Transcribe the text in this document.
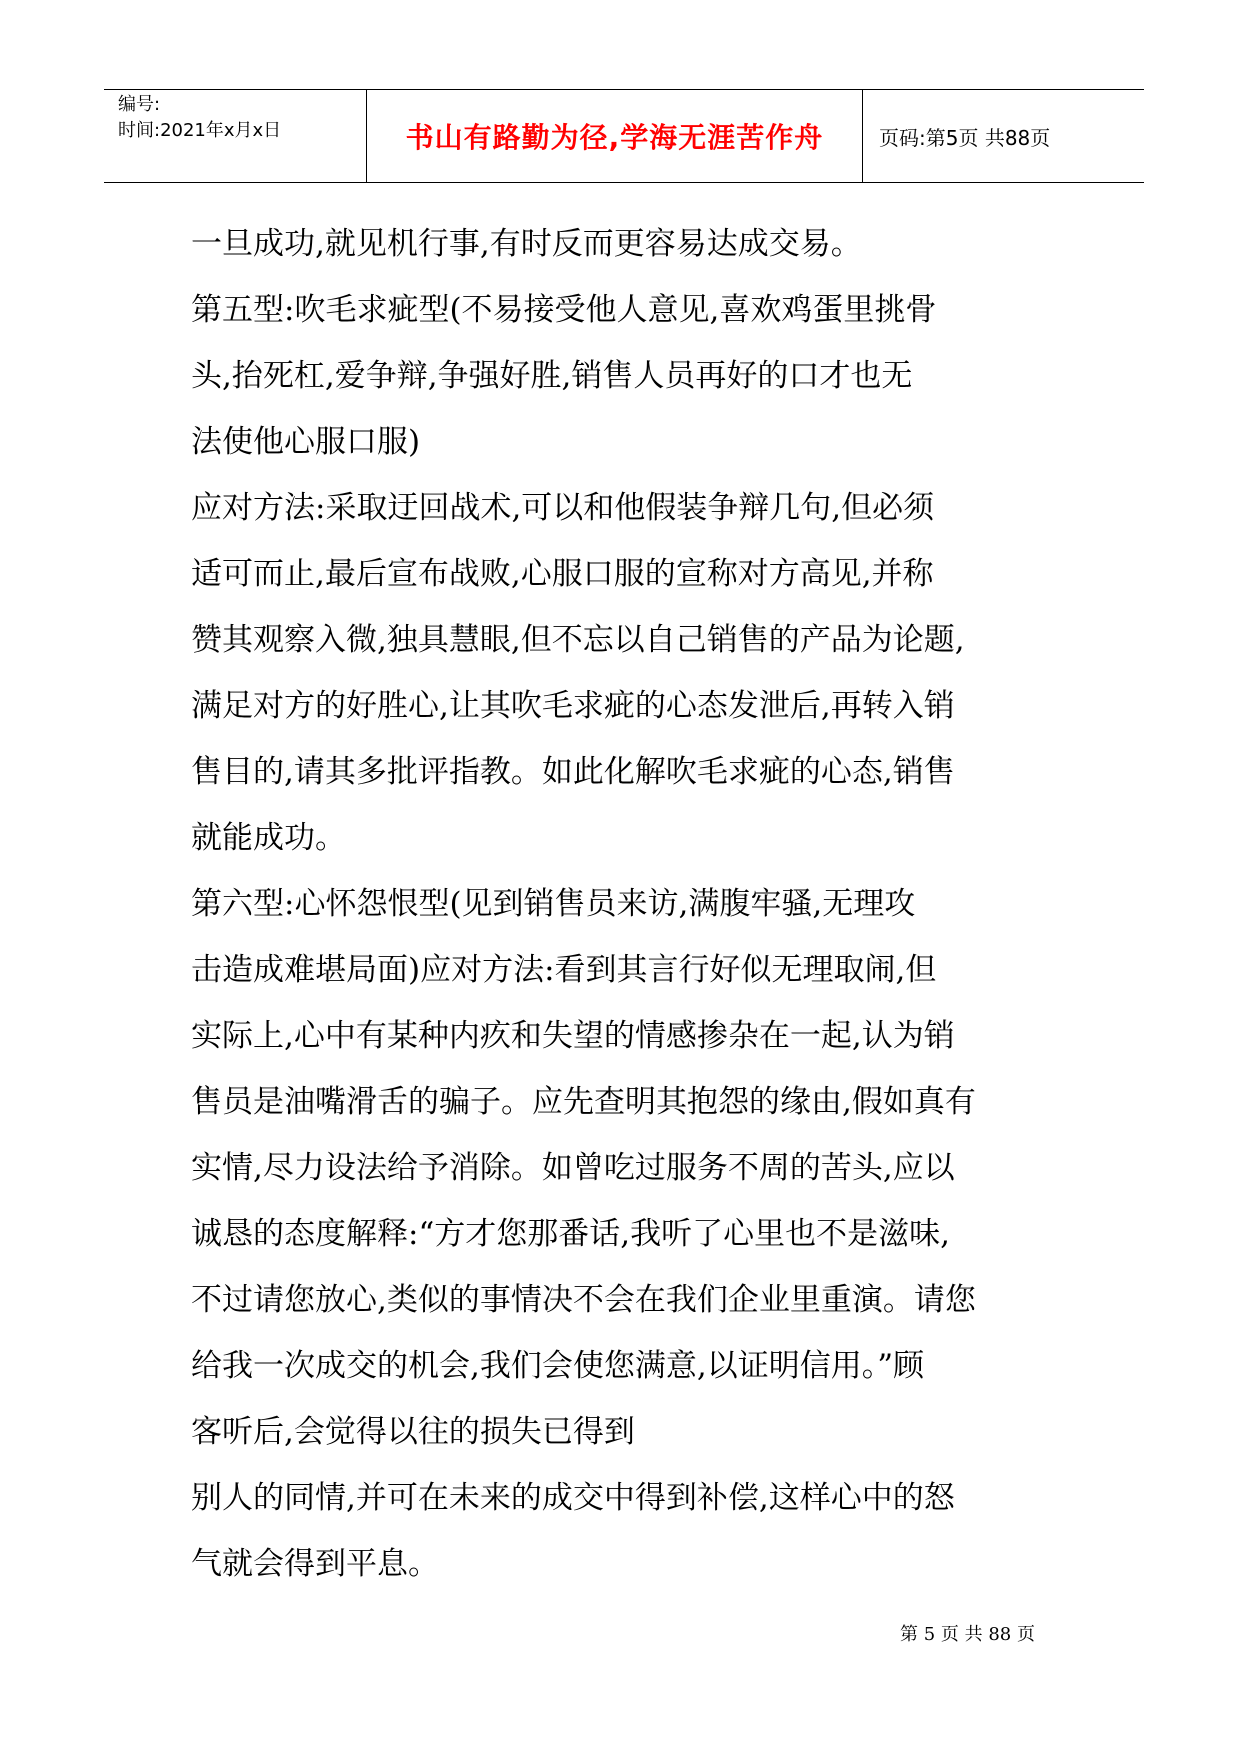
编号:
时间:2021年x月x日	书山有路勤为径,学海无涯苦作舟	页码:第5页 共88页
一旦成功,就见机行事,有时反而更容易达成交易。
第五型:吹毛求疵型(不易接受他人意见,喜欢鸡蛋里挑骨
头,抬死杠,爱争辩,争强好胜,销售人员再好的口才也无
法使他心服口服)
应对方法:采取迂回战术,可以和他假装争辩几句,但必须
适可而止,最后宣布战败,心服口服的宣称对方高见,并称
赞其观察入微,独具慧眼,但不忘以自己销售的产品为论题,
满足对方的好胜心,让其吹毛求疵的心态发泄后,再转入销
售目的,请其多批评指教。如此化解吹毛求疵的心态,销售
就能成功。
第六型:心怀怨恨型(见到销售员来访,满腹牢骚,无理攻
击造成难堪局面)应对方法:看到其言行好似无理取闹,但
实际上,心中有某种内疚和失望的情感掺杂在一起,认为销
售员是油嘴滑舌的骗子。应先查明其抱怨的缘由,假如真有
实情,尽力设法给予消除。如曾吃过服务不周的苦头,应以
诚恳的态度解释:“方才您那番话,我听了心里也不是滋味,
不过请您放心,类似的事情决不会在我们企业里重演。请您
给我一次成交的机会,我们会使您满意,以证明信用。”顾
客听后,会觉得以往的损失已得到
别人的同情,并可在未来的成交中得到补偿,这样心中的怒
气就会得到平息。
第 5 页 共 88 页
